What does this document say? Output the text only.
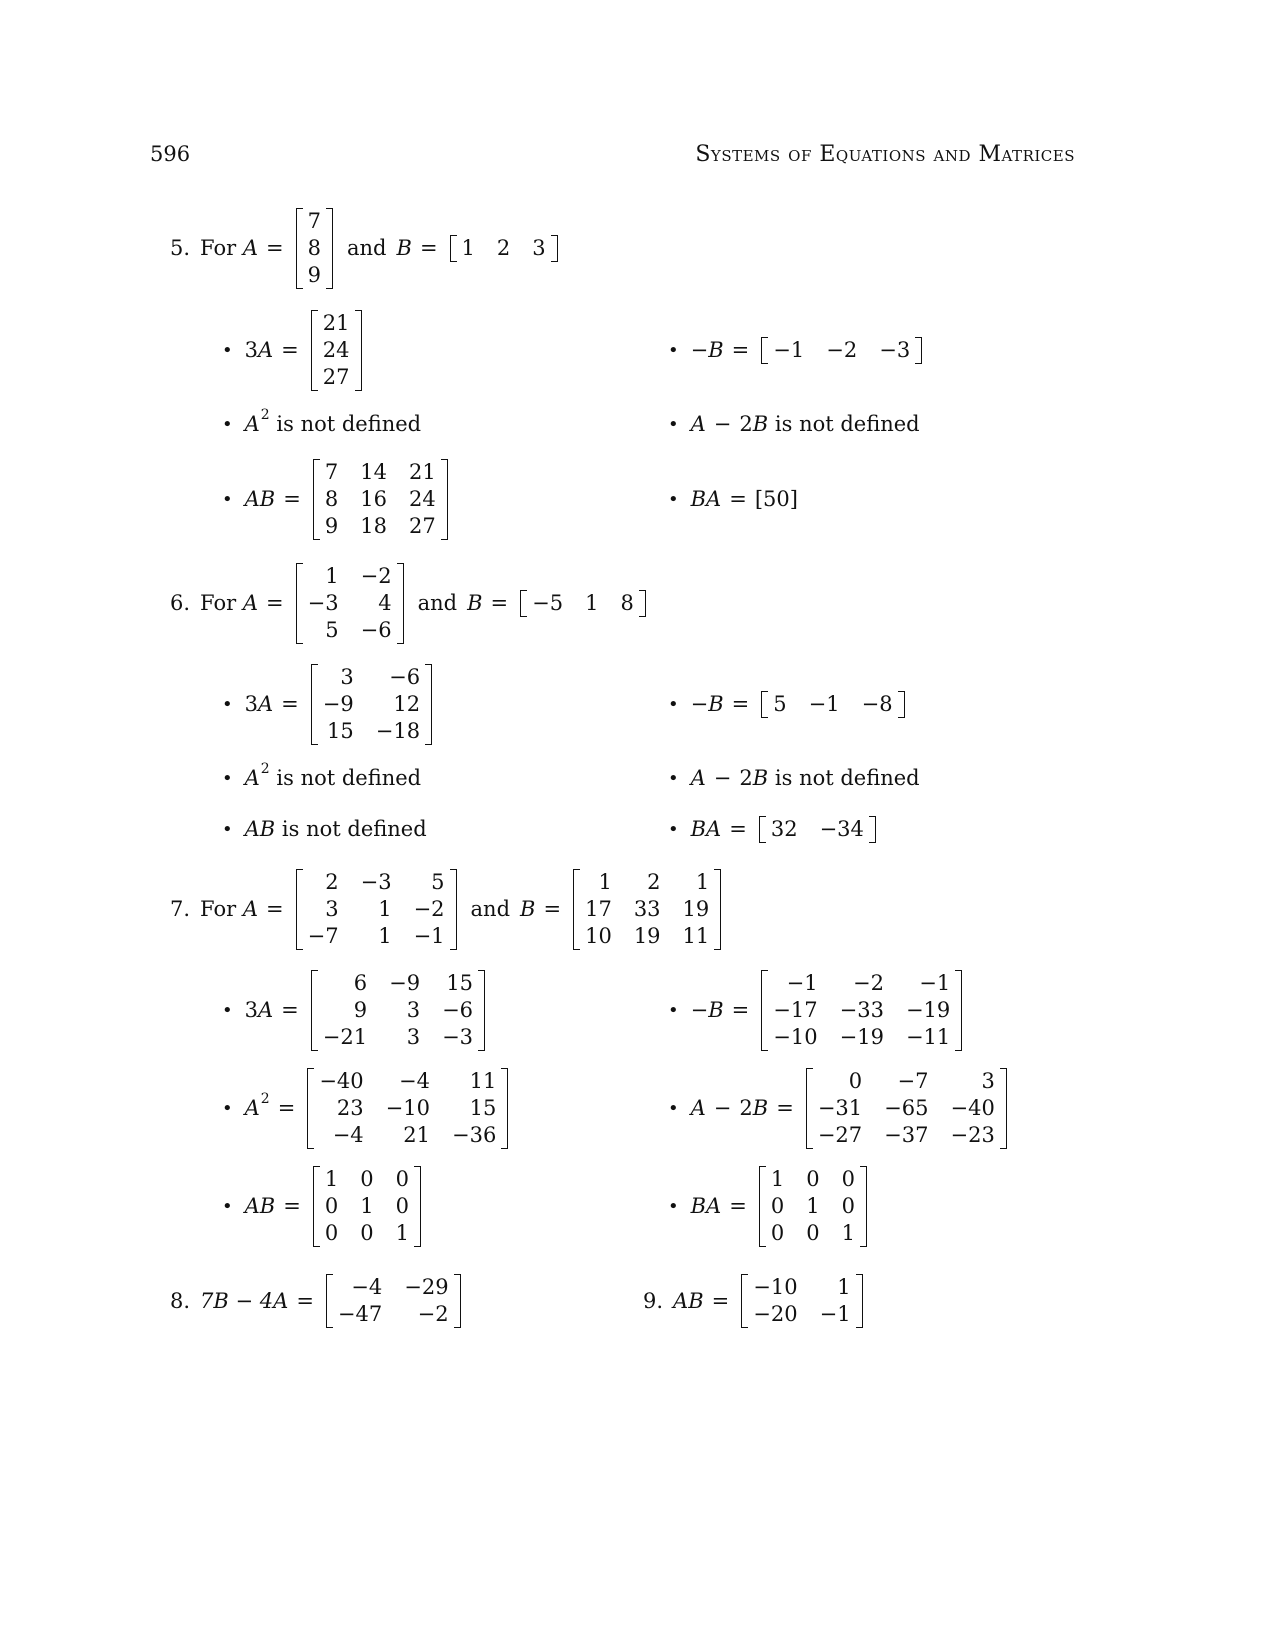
596	Systems of Equations and Matrices
5. For
A =
7
8
9
and B = 1 2 3
• 3 A =
21
24
27
• − B = −1 −2 −3
• A 2
is not defined	• A − 2 B
is not defined
• AB =
7 14 21
8 16 24
9 18 27
• BA = [50]
6. For
A =
1 −2
−3	4
5 −6
and B = −5 1 8
• 3 A =
3	−6
−9	12
15 −18
• − B = 5 −1 −8
• A 2
is not defined	• A − 2 B
is not defined
• AB
is not defined	• BA = 32 −34
7. For
A =
2 −3	5
3	1 −2
−7	1 −1
and B =
1	2	1
17 33 19
10 19 11
• 3 A =
6 −9 15
9	3 −6
−21	3 −3
• − B =
−1	−2	−1
−17 −33 −19
−10 −19 −11
• A 2 =
−40	−4	11
23 −10	15
−4	21 −36
• A − 2 B =
0	−7	3
−31 −65 −40
−27 −37 −23
• AB =
1 0 0
0 1 0
0 0 1
• BA =
1 0 0
0 1 0
0 0 1
8. 7B − 4A =
−4 −29
−47	−2
9. AB =
−10	1
−20 −1
